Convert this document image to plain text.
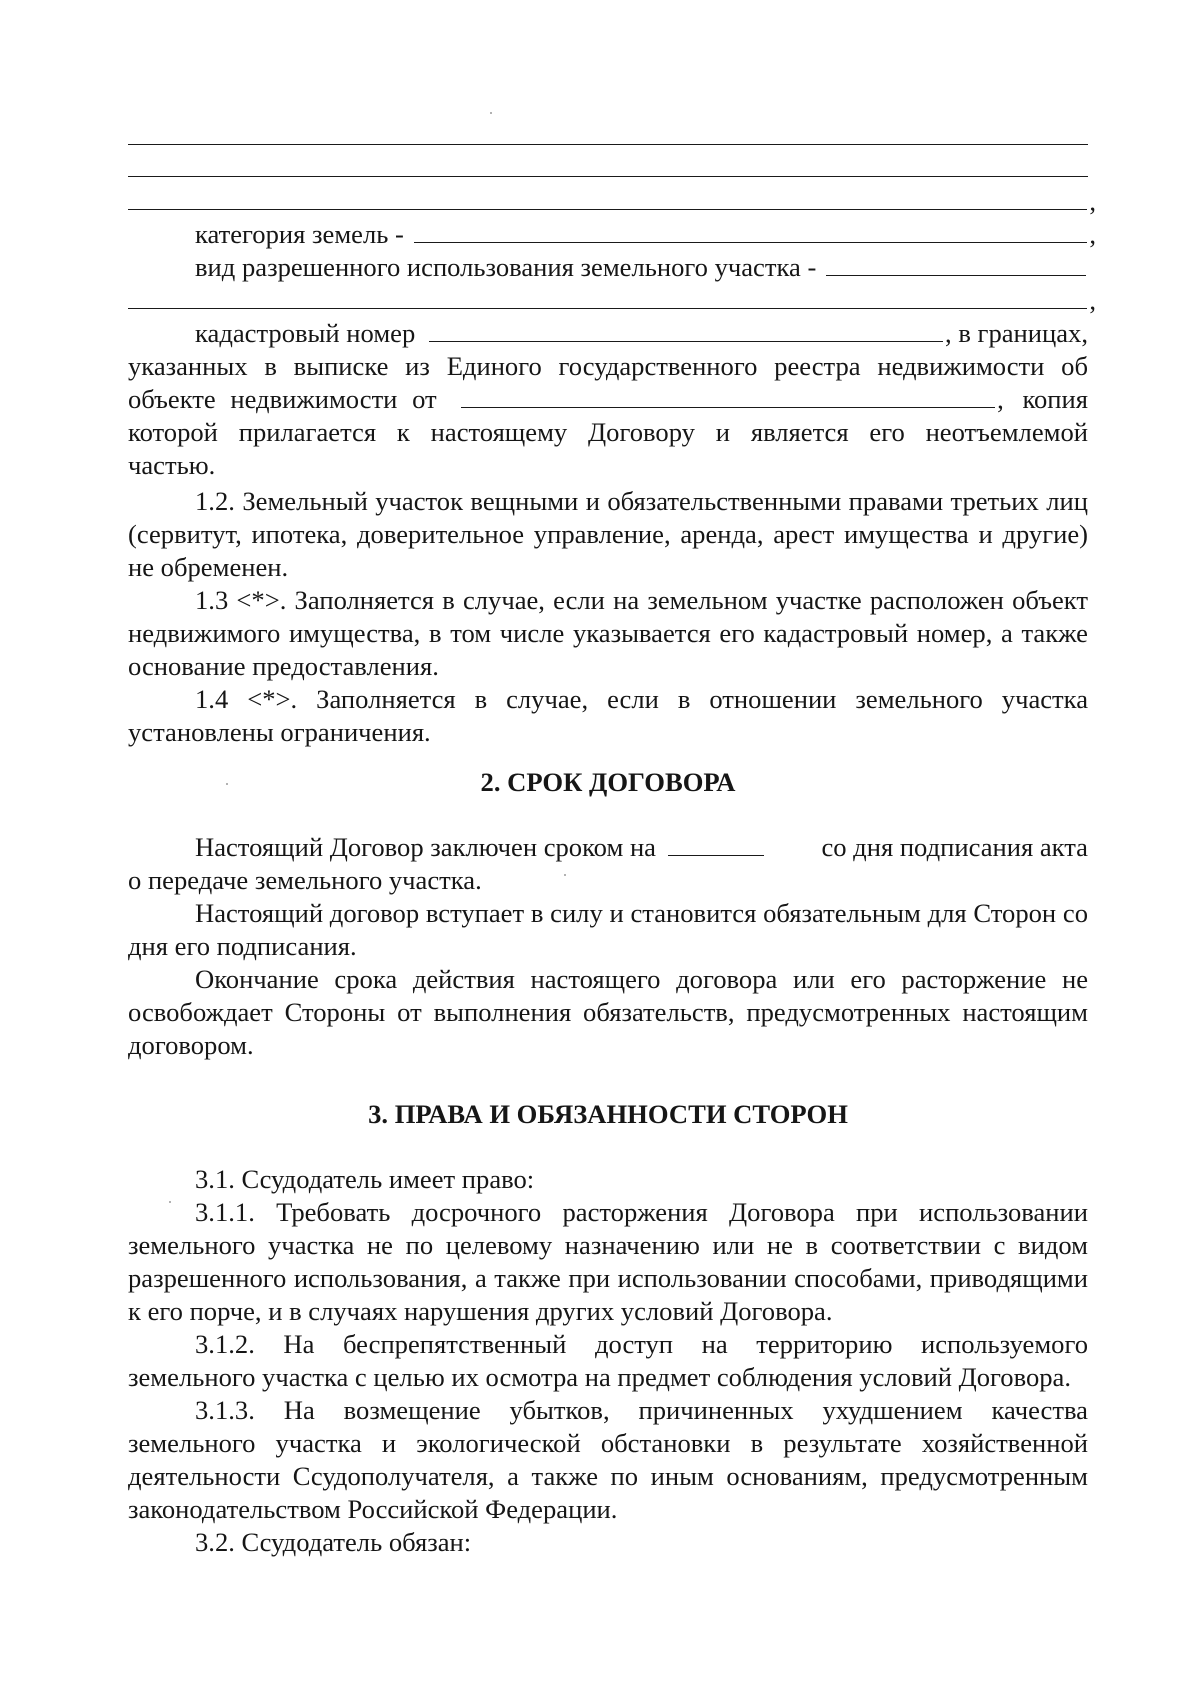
,
категория земель -	,
вид разрешенного использования земельного участка -
,
кадастровый номер	, в границах,

указанных в выписке из Единого государственного реестра недвижимости об

объекте недвижимости от	, копия

которой прилагается к настоящему Договору и является его неотъемлемой

частью.

1.2. Земельный участок вещными и обязательственными правами третьих лиц (сервитут, ипотека, доверительное управление, аренда, арест имущества и другие) не обременен.

1.3 <*>. Заполняется в случае, если на земельном участке расположен объект недвижимого имущества, в том числе указывается его кадастровый номер, а также основание предоставления.

1.4 <*>. Заполняется в случае, если в отношении земельного участка установлены ограничения.

2. СРОК ДОГОВОРА

Настоящий Договор заключен сроком на	со дня подписания акта

о передаче земельного участка.

Настоящий договор вступает в силу и становится обязательным для Сторон со дня его подписания.

Окончание срока действия настоящего договора или его расторжение не освобождает Стороны от выполнения обязательств, предусмотренных настоящим договором.

3. ПРАВА И ОБЯЗАННОСТИ СТОРОН

3.1. Ссудодатель имеет право:

3.1.1. Требовать досрочного расторжения Договора при использовании земельного участка не по целевому назначению или не в соответствии с видом разрешенного использования, а также при использовании способами, приводящими к его порче, и в случаях нарушения других условий Договора.

3.1.2. На беспрепятственный доступ на территорию используемого земельного участка с целью их осмотра на предмет соблюдения условий Договора.

3.1.3. На возмещение убытков, причиненных ухудшением качества земельного участка и экологической обстановки в результате хозяйственной деятельности Ссудополучателя, а также по иным основаниям, предусмотренным законодательством Российской Федерации.

3.2. Ссудодатель обязан:
